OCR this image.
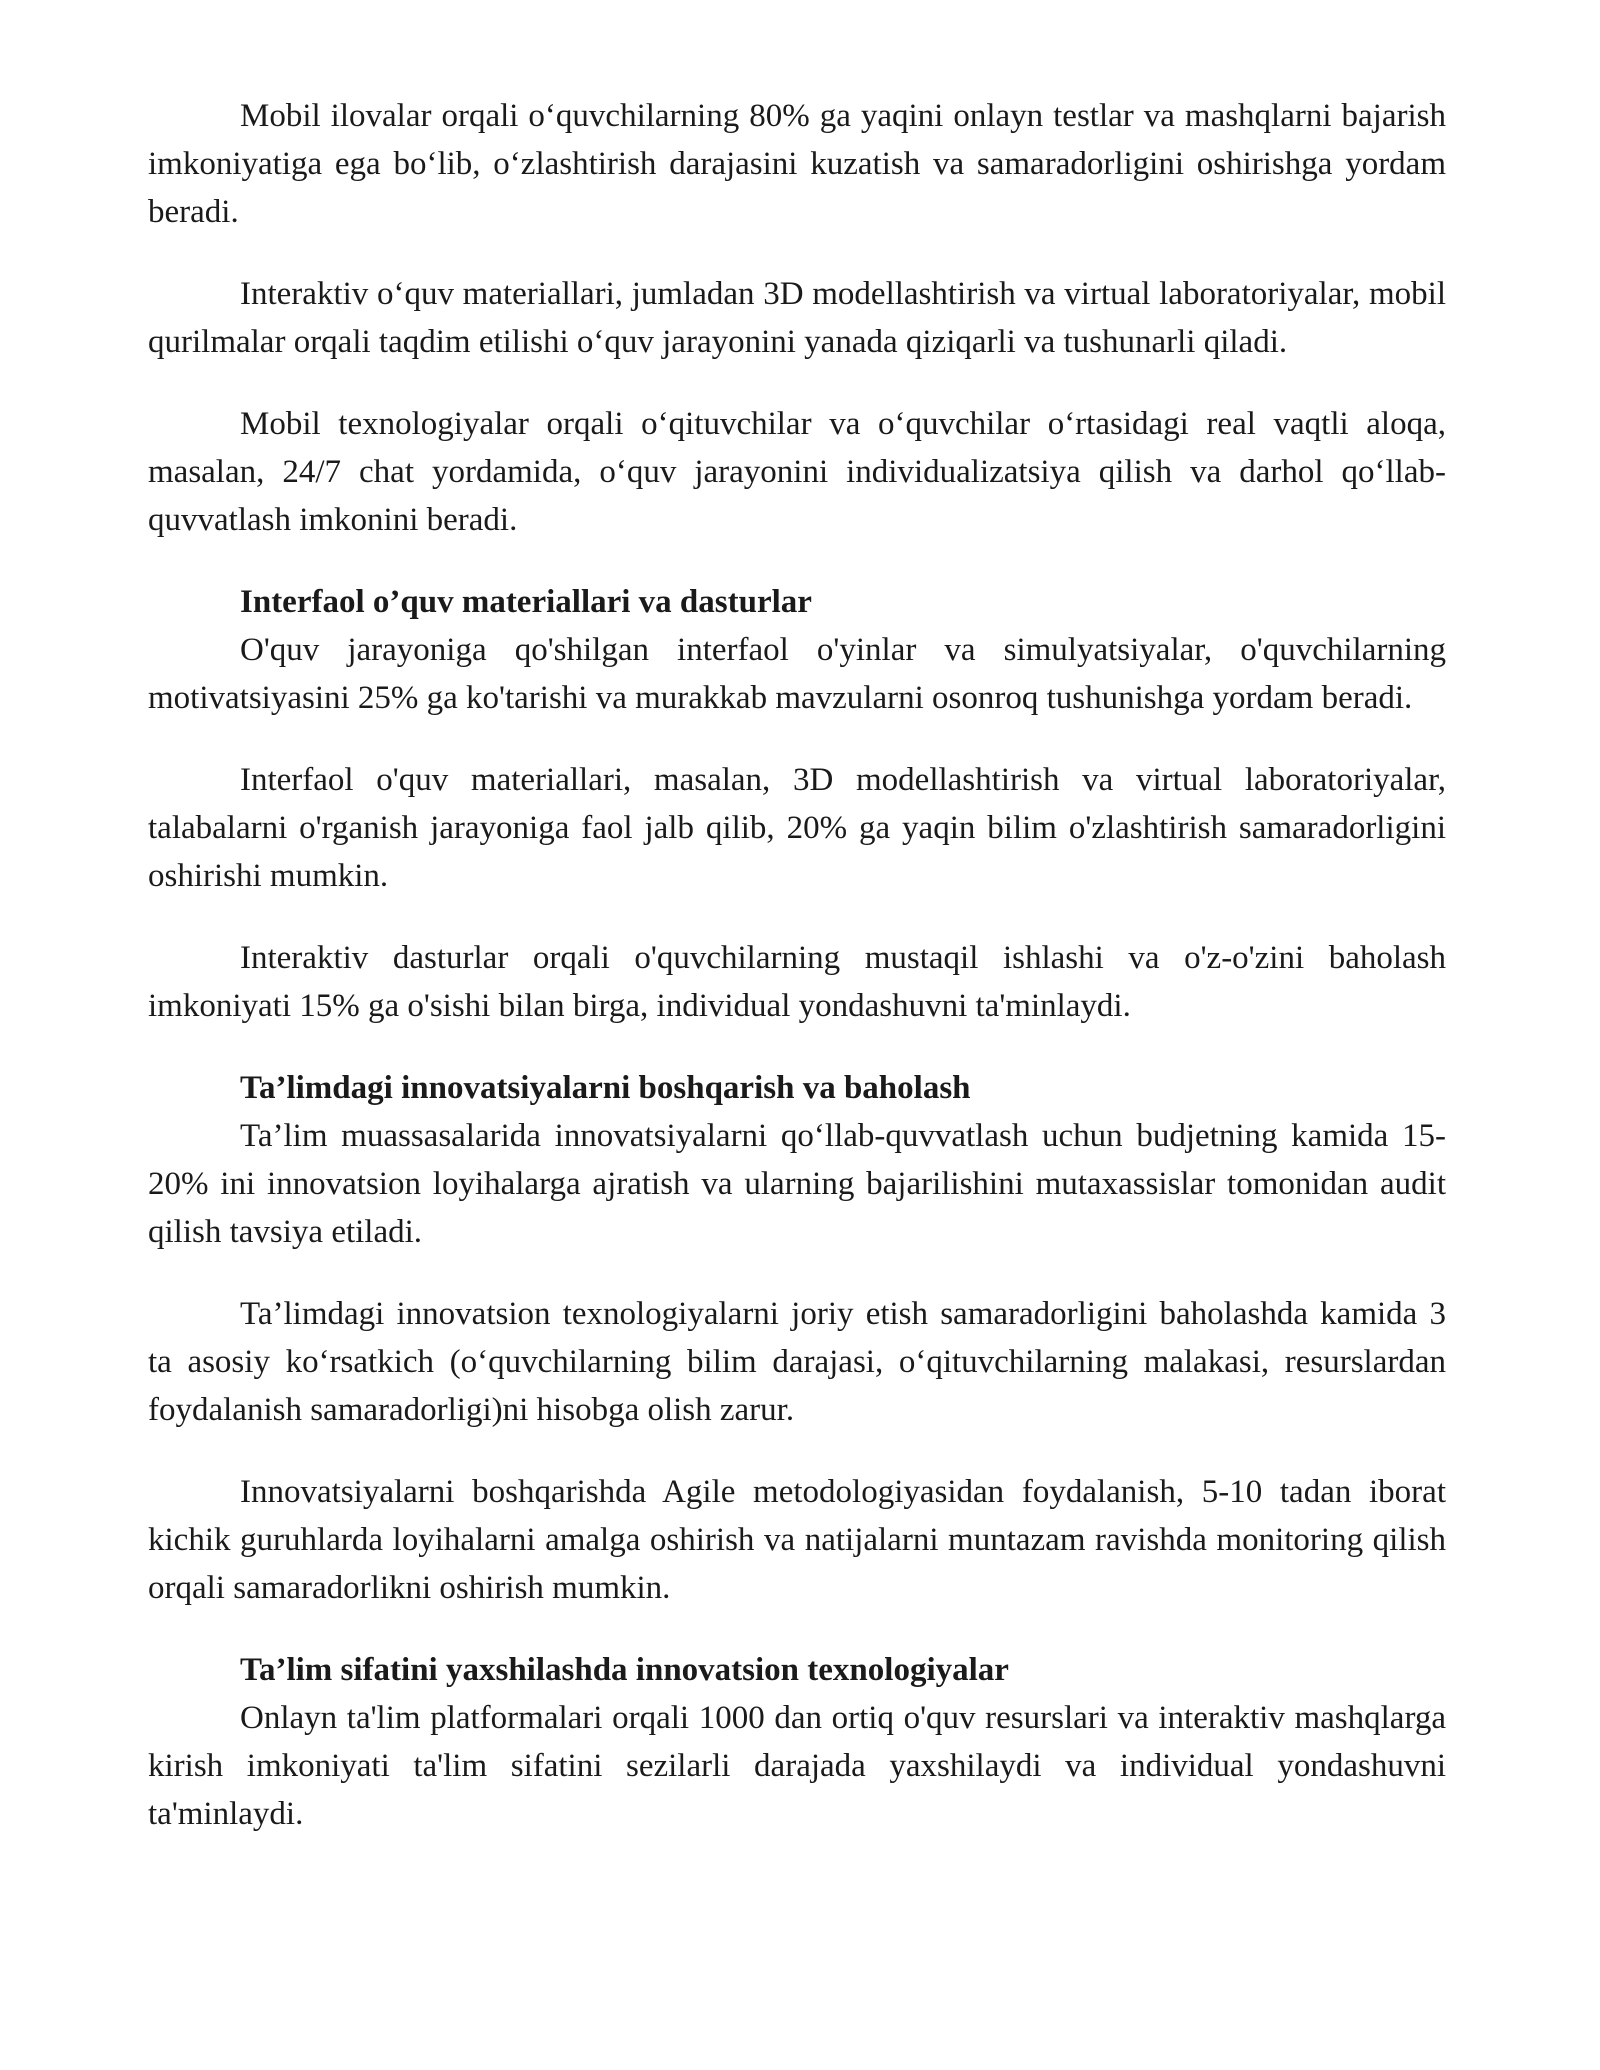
Mobil ilovalar orqali o‘quvchilarning 80% ga yaqini onlayn testlar va mashqlarni bajarish imkoniyatiga ega bo‘lib, o‘zlashtirish darajasini kuzatish va samaradorligini oshirishga yordam beradi.

Interaktiv o‘quv materiallari, jumladan 3D modellashtirish va virtual laboratoriyalar, mobil qurilmalar orqali taqdim etilishi o‘quv jarayonini yanada qiziqarli va tushunarli qiladi.

Mobil texnologiyalar orqali o‘qituvchilar va o‘quvchilar o‘rtasidagi real vaqtli aloqa, masalan, 24/7 chat yordamida, o‘quv jarayonini individualizatsiya qilish va darhol qo‘llab-quvvatlash imkonini beradi.

Interfaol o’quv materiallari va dasturlar

O'quv jarayoniga qo'shilgan interfaol o'yinlar va simulyatsiyalar, o'quvchilarning motivatsiyasini 25% ga ko'tarishi va murakkab mavzularni osonroq tushunishga yordam beradi.

Interfaol o'quv materiallari, masalan, 3D modellashtirish va virtual laboratoriyalar, talabalarni o'rganish jarayoniga faol jalb qilib, 20% ga yaqin bilim o'zlashtirish samaradorligini oshirishi mumkin.

Interaktiv dasturlar orqali o'quvchilarning mustaqil ishlashi va o'z-o'zini baholash imkoniyati 15% ga o'sishi bilan birga, individual yondashuvni ta'minlaydi.

Ta’limdagi innovatsiyalarni boshqarish va baholash

Ta’lim muassasalarida innovatsiyalarni qo‘llab-quvvatlash uchun budjetning kamida 15-20% ini innovatsion loyihalarga ajratish va ularning bajarilishini mutaxassislar tomonidan audit qilish tavsiya etiladi.

Ta’limdagi innovatsion texnologiyalarni joriy etish samaradorligini baholashda kamida 3 ta asosiy ko‘rsatkich (o‘quvchilarning bilim darajasi, o‘qituvchilarning malakasi, resurslardan foydalanish samaradorligi)ni hisobga olish zarur.

Innovatsiyalarni boshqarishda Agile metodologiyasidan foydalanish, 5-10 tadan iborat kichik guruhlarda loyihalarni amalga oshirish va natijalarni muntazam ravishda monitoring qilish orqali samaradorlikni oshirish mumkin.

Ta’lim sifatini yaxshilashda innovatsion texnologiyalar

Onlayn ta'lim platformalari orqali 1000 dan ortiq o'quv resurslari va interaktiv mashqlarga kirish imkoniyati ta'lim sifatini sezilarli darajada yaxshilaydi va individual yondashuvni ta'minlaydi.
